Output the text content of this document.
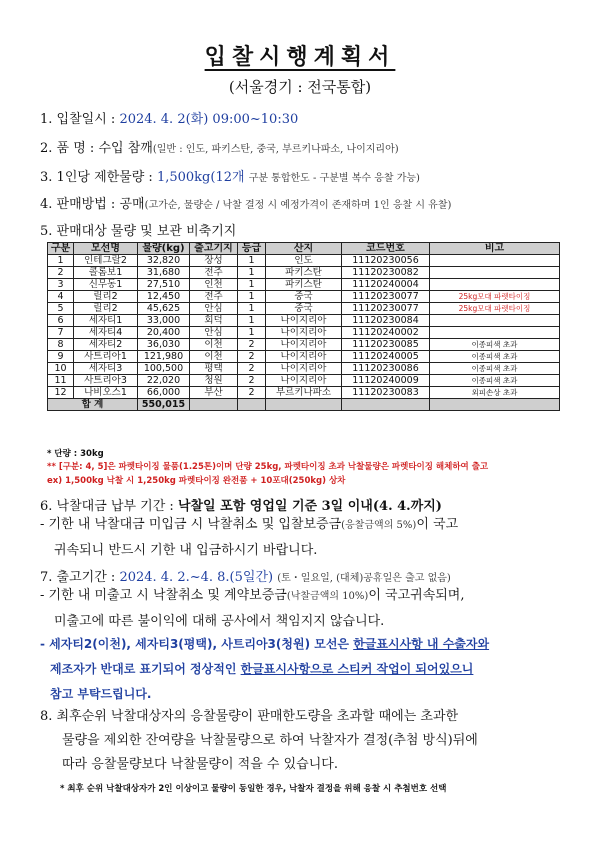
입찰시행계획서
(서울경기 : 전국통합)
1. 입찰일시 : 2024. 4. 2(화) 09:00~10:30
2. 품 명 : 수입 참깨(일반 : 인도, 파키스탄, 중국, 부르키나파소, 나이지리아)
3. 1인당 제한물량 : 1,500kg(12개 구분 통합한도 - 구분별 복수 응찰 가능)
4. 판매방법 : 공매(고가순, 물량순 / 낙찰 결정 시 예정가격이 존재하며 1인 응찰 시 유찰)
5. 판매대상 물량 및 보관 비축기지
구분	모선명	물량(kg)	출고기지	등급	산지	코드번호	비고
1	인테그랄2	32,820	장성	1	인도	11120230056	
2	콜롬보1	31,680	전주	1	파키스탄	11120230082	
3	신무동1	27,510	인천	1	파키스탄	11120240004	
4	릴리2	12,450	전주	1	중국	11120230077	25kg모대 파렛타이징
5	릴리2	45,625	안심	1	중국	11120230077	25kg모대 파렛타이징
6	세자티1	33,000	회덕	1	나이지리아	11120230084	
7	세자티4	20,400	안심	1	나이지리아	11120240002	
8	세자티2	36,030	이천	2	나이지리아	11120230085	이종피색 초과
9	사트리아1	121,980	이천	2	나이지리아	11120240005	이종피색 초과
10	세자티3	100,500	평택	2	나이지리아	11120230086	이종피색 초과
11	사트리아3	22,020	청원	2	나이지리아	11120240009	이종피색 초과
12	나비오스1	66,000	부산	2	부르키나파소	11120230083	외피손상 초과
합 계		550,015					
* 단량 : 30kg
** [구분: 4, 5]은 파렛타이징 물품(1.25톤)이며 단량 25kg, 파렛타이징 초과 낙찰물량은 파렛타이징 해체하여 출고
ex) 1,500kg 낙찰 시 1,250kg 파렛타이징 완전품 + 10포대(250kg) 상차
6. 낙찰대금 납부 기간 : 낙찰일 포함 영업일 기준 3일 이내(4. 4.까지)
- 기한 내 낙찰대금 미입금 시 낙찰취소 및 입찰보증금(응찰금액의 5%)이 국고
귀속되니 반드시 기한 내 입금하시기 바랍니다.
7. 출고기간 : 2024. 4. 2.~4. 8.(5일간) (토・일요일, (대체)공휴일은 출고 없음)
- 기한 내 미출고 시 낙찰취소 및 계약보증금(낙찰금액의 10%)이 국고귀속되며,
미출고에 따른 불이익에 대해 공사에서 책임지지 않습니다.
- 세자티2(이천), 세자티3(평택), 사트리아3(청원) 모선은 한글표시사항 내 수출자와
제조자가 반대로 표기되어 정상적인 한글표시사항으로 스티커 작업이 되어있으니
참고 부탁드립니다.
8. 최후순위 낙찰대상자의 응찰물량이 판매한도량을 초과할 때에는 초과한
물량을 제외한 잔여량을 낙찰물량으로 하여 낙찰자가 결정(추첨 방식)뒤에
따라 응찰물량보다 낙찰물량이 적을 수 있습니다.
* 최후 순위 낙찰대상자가 2인 이상이고 물량이 동일한 경우, 낙찰자 결정을 위해 응찰 시 추첨번호 선택
